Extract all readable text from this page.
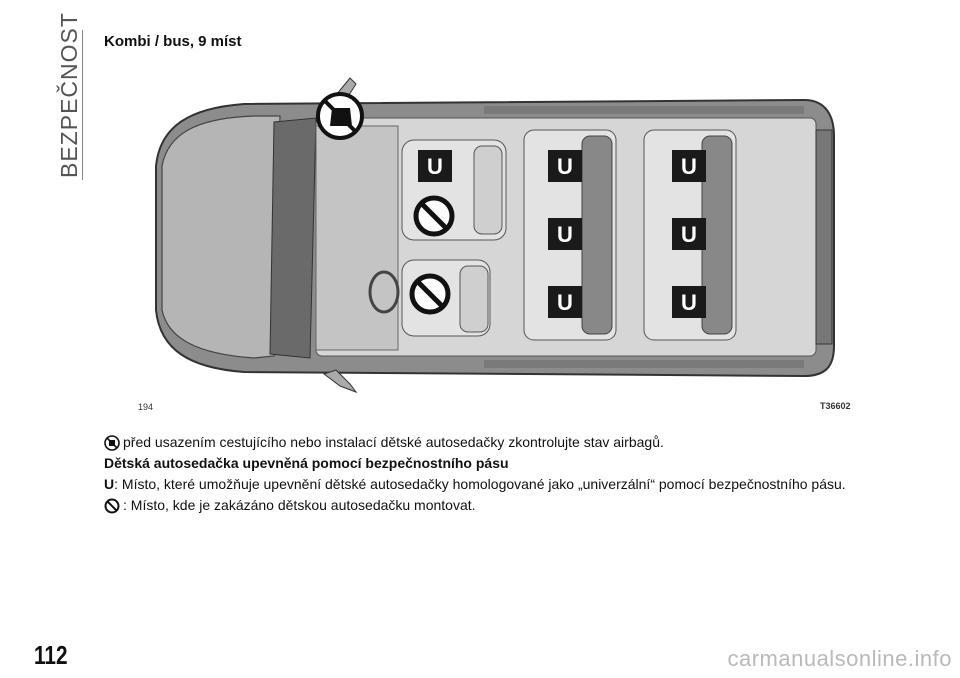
BEZPEČNOST Kombi / bus, 9 míst
U	U
U
U
U
U
U
194	T36602
před usazením cestujícího nebo instalací dětské autosedačky zkontrolujte stav airbagů.
Dětská autosedačka upevněná pomocí bezpečnostního pásu
U : Místo, které umožňuje upevnění dětské autosedačky homologované jako „univerzální“ pomocí bezpečnostního pásu.
: Místo, kde je zakázáno dětskou autosedačku montovat.
112	carmanualsonline.info
